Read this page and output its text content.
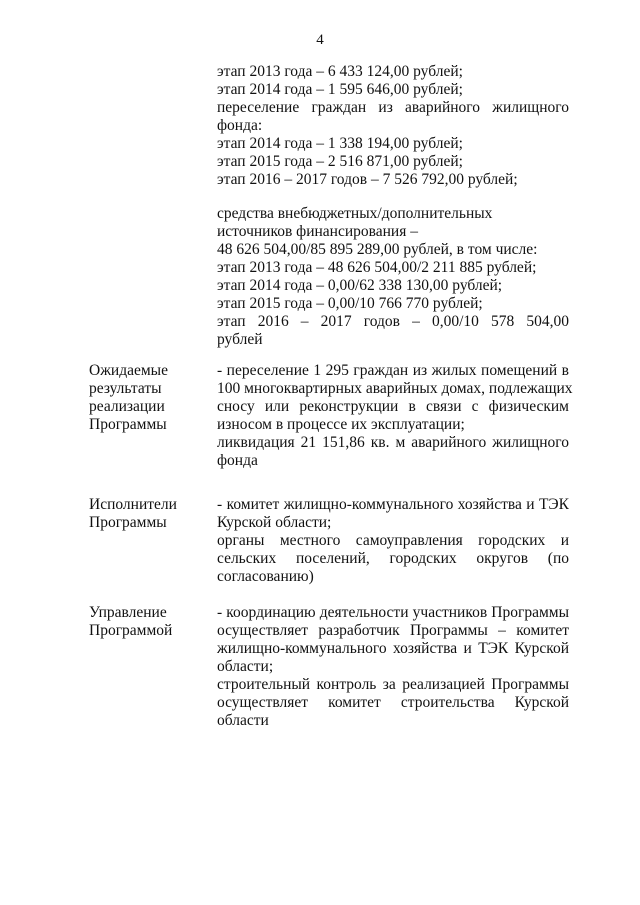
4
этап 2013 года – 6 433 124,00 рублей;
этап 2014 года – 1 595 646,00 рублей;
переселение граждан из аварийного жилищного
фонда:
этап 2014 года – 1 338 194,00 рублей;
этап 2015 года – 2 516 871,00 рублей;
этап 2016 – 2017 годов – 7 526 792,00 рублей;
средства внебюджетных/дополнительных
источников финансирования –
48 626 504,00/85 895 289,00 рублей, в том числе:
этап 2013 года – 48 626 504,00/2 211 885 рублей;
этап 2014 года – 0,00/62 338 130,00 рублей;
этап 2015 года – 0,00/10 766 770 рублей;
этап 2016 – 2017 годов – 0,00/10 578 504,00
рублей
Ожидаемые
результаты
реализации
Программы
- переселение 1 295 граждан из жилых помещений в
100 многоквартирных аварийных домах, подлежащих
сносу или реконструкции в связи с физическим
износом в процессе их эксплуатации;
ликвидация 21 151,86 кв. м аварийного жилищного
фонда
Исполнители
Программы
- комитет жилищно-коммунального хозяйства и ТЭК
Курской области;
органы местного самоуправления городских и
сельских поселений, городских округов (по
согласованию)
Управление
Программой
- координацию деятельности участников Программы
осуществляет разработчик Программы – комитет
жилищно-коммунального хозяйства и ТЭК Курской
области;
строительный контроль за реализацией Программы
осуществляет комитет строительства Курской
области
